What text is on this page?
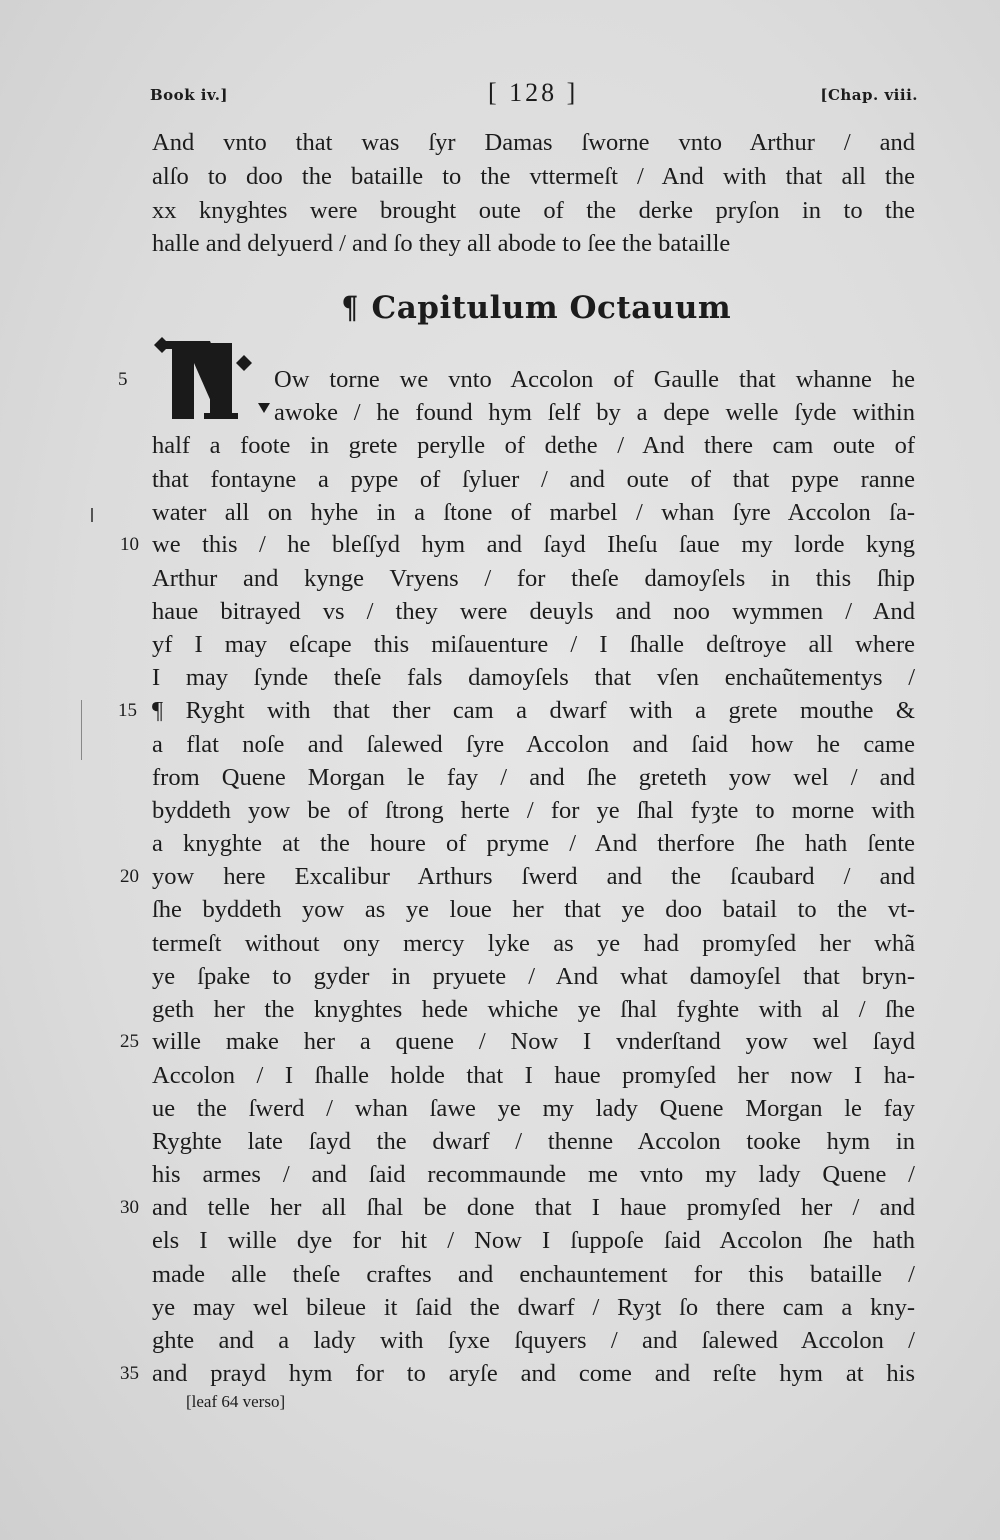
Book iv.]	[ 128 ]	[Chap. viii.
And vnto that was ſyr Damas ſworne vnto Arthur / and
alſo to doo the bataille to the vttermeſt / And with that all the
xx knyghtes were brought oute of the derke pryſon in to the
halle and delyuerd / and ſo they all abode to ſee the bataille
¶ Capitulum Octauum
N
5
10
15
20
25
30
35
Ow torne we vnto Accolon of Gaulle that whanne he
awoke / he found hym ſelf by a depe welle ſyde within
half a foote in grete perylle of dethe / And there cam oute of
that fontayne a pype of ſyluer / and oute of that pype ranne
water all on hyhe in a ſtone of marbel / whan ſyre Accolon ſa-
we this / he bleſſyd hym and ſayd Iheſu ſaue my lorde kyng
Arthur and kynge Vryens / for theſe damoyſels in this ſhip
haue bitrayed vs / they were deuyls and noo wymmen / And
yf I may eſcape this miſauenture / I ſhalle deſtroye all where
I may ſynde theſe fals damoyſels that vſen enchaũtementys /
¶ Ryght with that ther cam a dwarf with a grete mouthe &
a flat noſe and ſalewed ſyre Accolon and ſaid how he came
from Quene Morgan le fay / and ſhe greteth yow wel / and
byddeth yow be of ſtrong herte / for ye ſhal fyȝte to morne with
a knyghte at the houre of pryme / And therfore ſhe hath ſente
yow here Excalibur Arthurs ſwerd and the ſcaubard / and
ſhe byddeth yow as ye loue her that ye doo batail to the vt-
termeſt without ony mercy lyke as ye had promyſed her whã
ye ſpake to gyder in pryuete / And what damoyſel that bryn-
geth her the knyghtes hede whiche ye ſhal fyghte with al / ſhe
wille make her a quene / Now I vnderſtand yow wel ſayd
Accolon / I ſhalle holde that I haue promyſed her now I ha-
ue the ſwerd / whan ſawe ye my lady Quene Morgan le fay
Ryghte late ſayd the dwarf / thenne Accolon tooke hym in
his armes / and ſaid recommaunde me vnto my lady Quene /
and telle her all ſhal be done that I haue promyſed her / and
els I wille dye for hit / Now I ſuppoſe ſaid Accolon ſhe hath
made alle theſe craftes and enchauntement for this bataille /
ye may wel bileue it ſaid the dwarf / Ryȝt ſo there cam a kny-
ghte and a lady with ſyxe ſquyers / and ſalewed Accolon /
and prayd hym for to aryſe and come and reſte hym at his
[leaf 64 verso]
